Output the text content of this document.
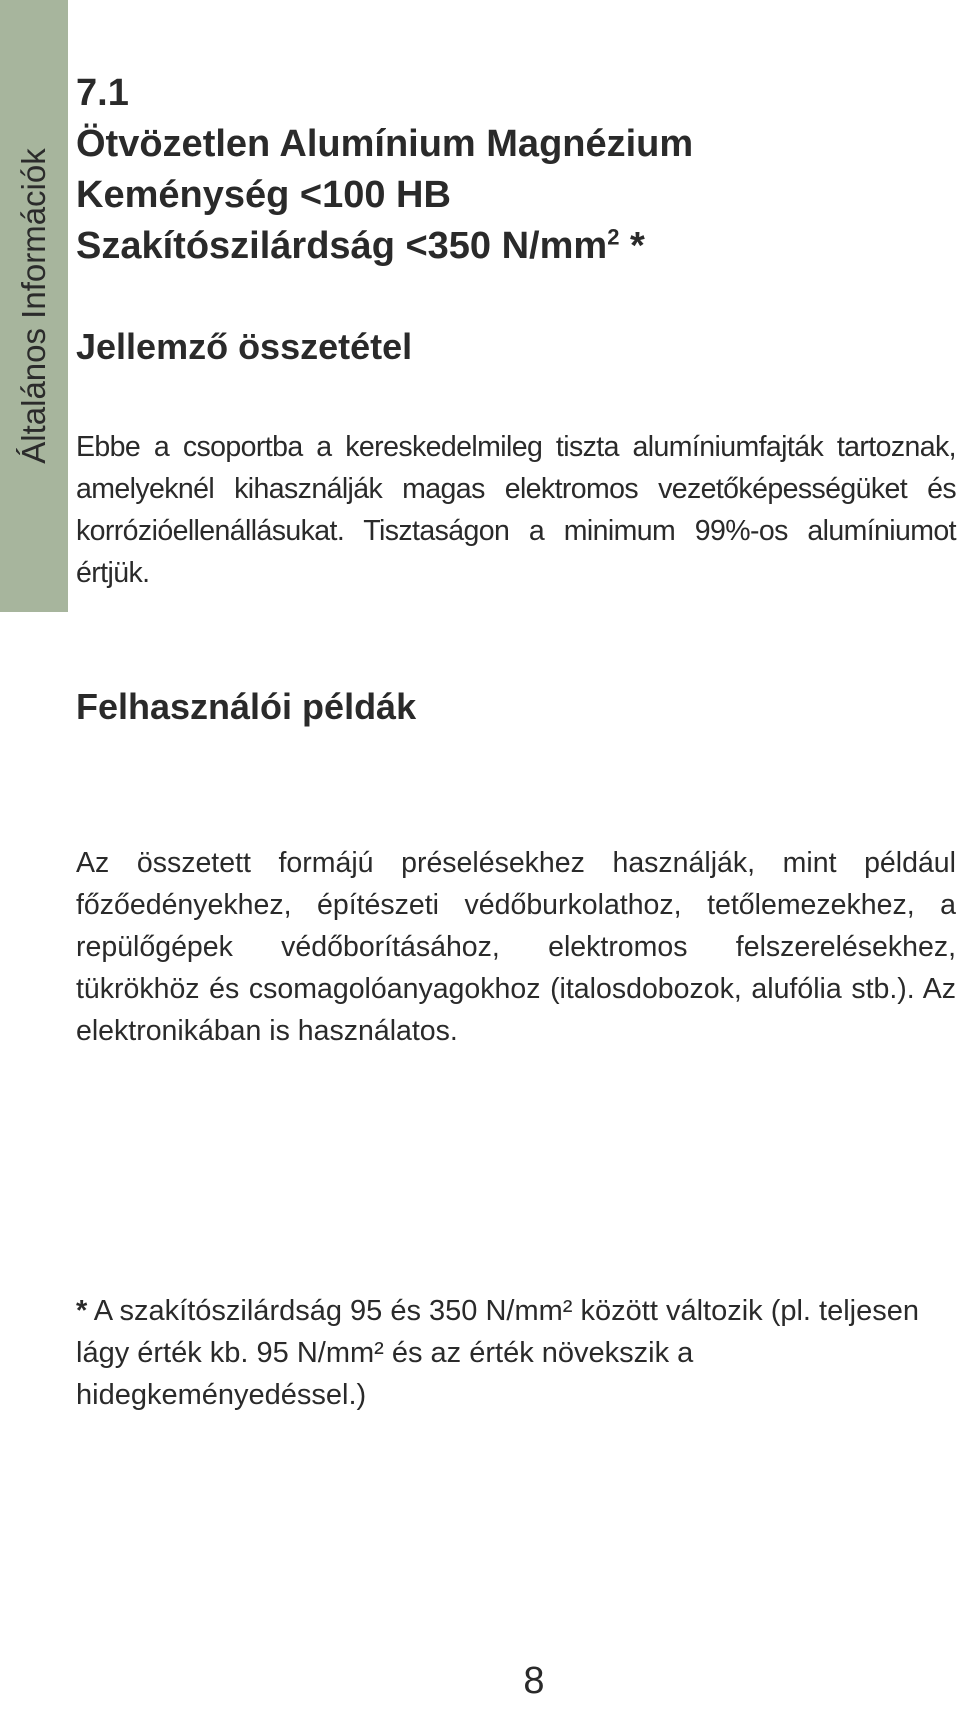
Általános Információk
7.1
Ötvözetlen Alumínium Magnézium
Keménység <100 HB
Szakítószilárdság <350 $N/mm^2$ *
Jellemző összetétel

Ebbe a csoportba a kereskedelmileg tiszta alumíniumfajták tartoznak, amelyeknél kihasználják magas elektromos vezetőképességüket és korrózióellenállásukat. Tisztaságon a minimum 99%-os alumíniumot értjük.

Felhasználói példák

Az összetett formájú préselésekhez használják, mint például főzőedényekhez, építészeti védőburkolathoz, tetőlemezekhez, a repülőgépek védőborításához, elektromos felszerelésekhez, tükrökhöz és csomagolóanyagokhoz (italosdobozok, alufólia stb.). Az elektronikában is használatos.

* A szakítószilárdság 95 és 350 N/mm² között változik (pl. teljesen lágy érték kb. 95 N/mm² és az érték növekszik a hidegkeményedéssel.)

8
